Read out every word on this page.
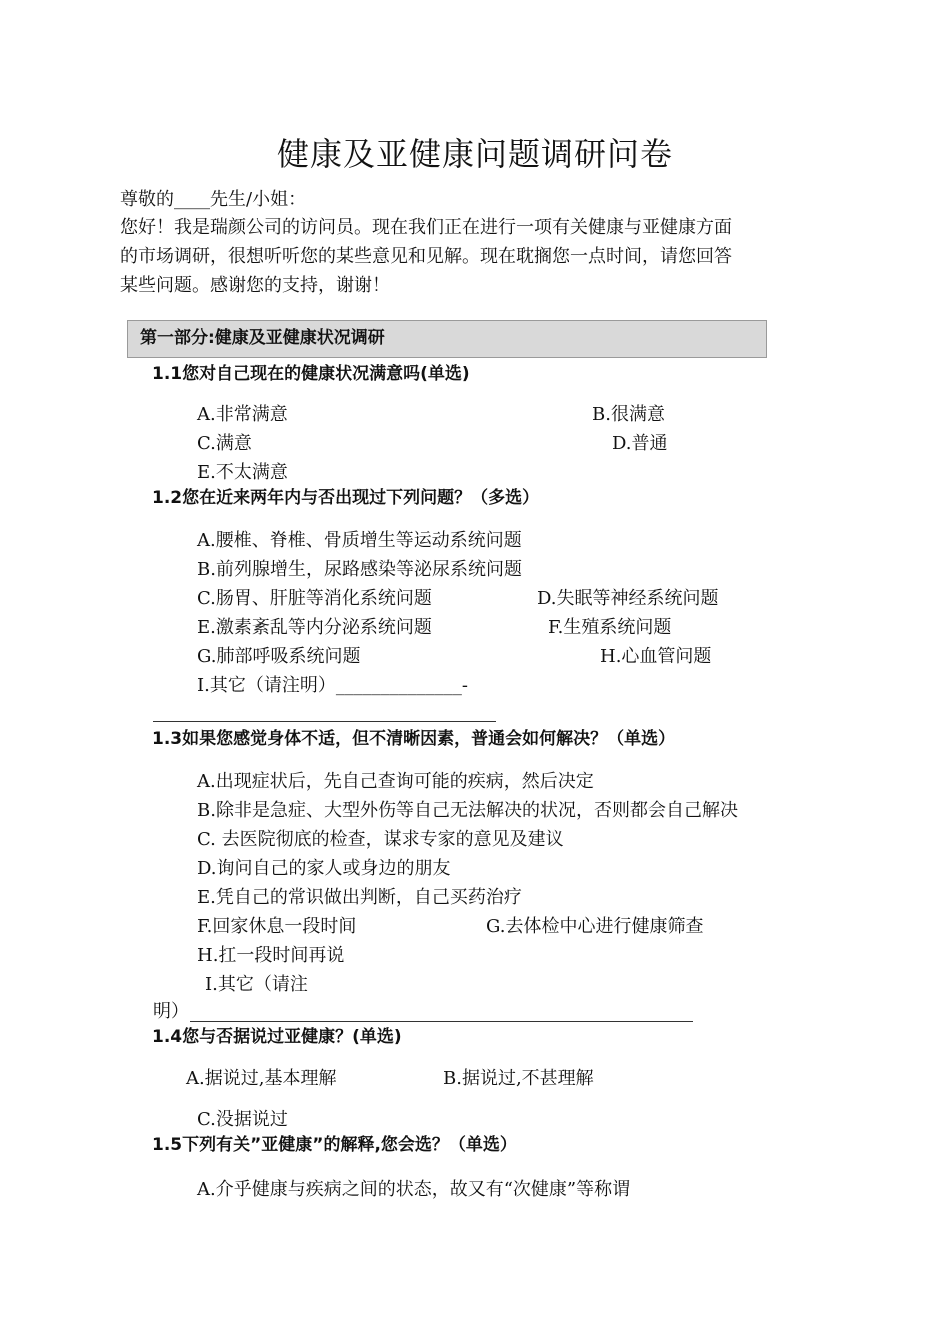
健康及亚健康问题调研问卷
尊敬的____先生/小姐：
您好！我是瑞颜公司的访问员。现在我们正在进行一项有关健康与亚健康方面
的市场调研，很想听听您的某些意见和见解。现在耽搁您一点时间，请您回答
某些问题。感谢您的支持，谢谢！
第一部分:健康及亚健康状况调研
1.1您对自己现在的健康状况满意吗(单选)
A.非常满意	B.很满意
C.满意	D.普通
E.不太满意
1.2您在近来两年内与否出现过下列问题？（多选）
A.腰椎、脊椎、骨质增生等运动系统问题
B.前列腺增生，尿路感染等泌尿系统问题
C.肠胃、肝脏等消化系统问题	D.失眠等神经系统问题
E.激素紊乱等内分泌系统问题	F.生殖系统问题
G.肺部呼吸系统问题	H.心血管问题
I.其它（请注明）______________-
1.3如果您感觉身体不适，但不清晰因素，普通会如何解决？（单选）
A.出现症状后，先自己查询可能的疾病，然后决定
B.除非是急症、大型外伤等自己无法解决的状况，否则都会自己解决
C. 去医院彻底的检查，谋求专家的意见及建议
D.询问自己的家人或身边的朋友
E.凭自己的常识做出判断，自己买药治疗
F.回家休息一段时间	G.去体检中心进行健康筛查
H.扛一段时间再说
I.其它（请注
明）
1.4您与否据说过亚健康？(单选)
A.据说过,基本理解	B.据说过,不甚理解
C.没据说过
1.5下列有关”亚健康”的解释,您会选？（单选）
A.介乎健康与疾病之间的状态，故又有“次健康”等称谓
